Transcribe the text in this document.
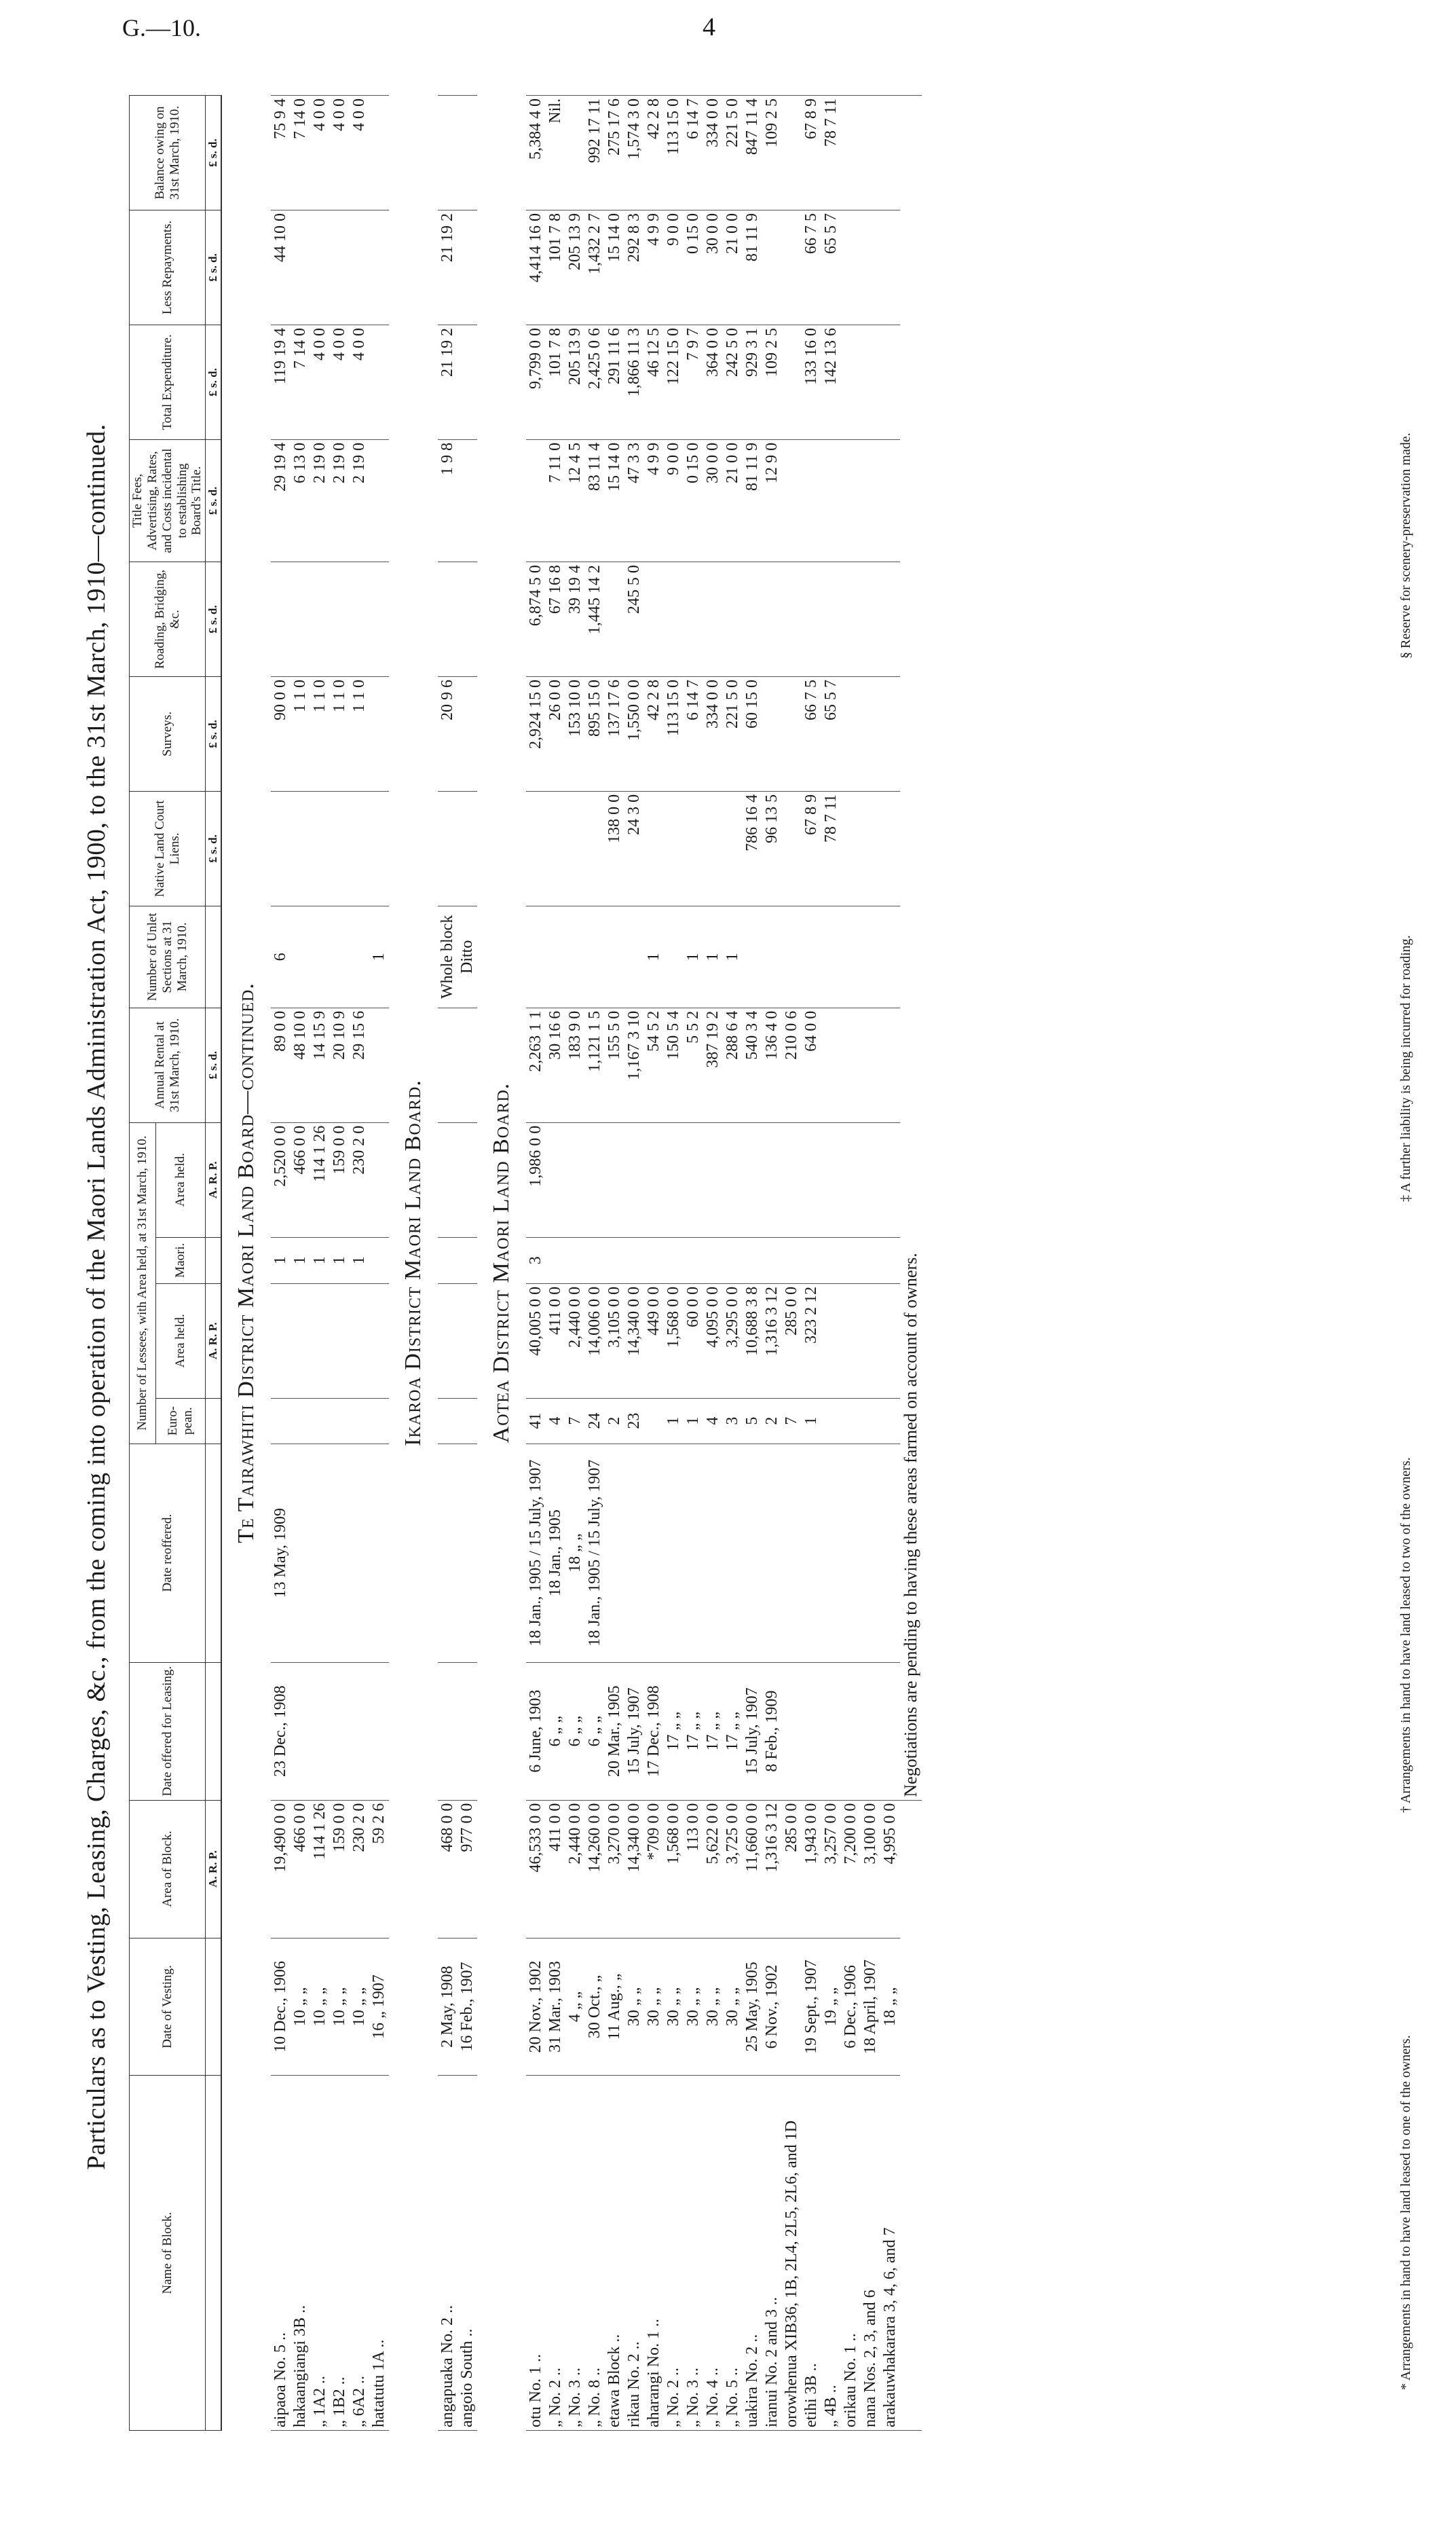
G.—10.	4
Particulars as to Vesting, Leasing, Charges, &c., from the coming into operation of the Maori Lands Administration Act, 1900, to the 31st March, 1910—continued.
Name of Block.	Date of Vesting.	Area of Block.	Date offered for Leasing.	Date reoffered.	Number of Lessees, with Area held, at 31st March, 1910.				Annual Rental at 31st March, 1910.	Number of Unlet Sections at 31 March, 1910.	Native Land Court Liens.	Surveys.	Roading, Bridging, &c.	Title Fees, Advertising, Rates, and Costs incidental to establishing Board's Title.	Total Expenditure.	Less Repayments.	Balance owing on 31st March, 1910.
					Euro-pean.	Area held.	Maori.	Area held.									
		A. R. P.				A. R. P.		A. R. P.	£ s. d.		£ s. d.	£ s. d.	£ s. d.	£ s. d.	£ s. d.	£ s. d.	£ s. d.
Te Tairawhiti District Maori Land Board—continued.																	
aipaoa No. 5 ..	10 Dec., 1906	19,490 0 0	23 Dec., 1908	13 May, 1909			1	2,520 0 0	89 0 0	6		90 0 0		29 19 4	119 19 4	44 10 0	75 9 4
hakaangiangi 3B ..	10 „ „	466 0 0					1	466 0 0	48 10 0			1 1 0		6 13 0	7 14 0		7 14 0
„ 1A2 ..	10 „ „	114 1 26					1	114 1 26	14 15 9			1 1 0		2 19 0	4 0 0		4 0 0
„ 1B2 ..	10 „ „	159 0 0					1	159 0 0	20 10 9			1 1 0		2 19 0	4 0 0		4 0 0
„ 6A2 ..	10 „ „	230 2 0					1	230 2 0	29 15 6			1 1 0		2 19 0	4 0 0		4 0 0
hatatutu 1A ..	16 „ 1907	59 2 6								1							
Ikaroa District Maori Land Board.																	
angapuaka No. 2 ..	2 May, 1908	468 0 0								Whole block		20 9 6		1 9 8	21 19 2	21 19 2	
angoio South ..	16 Feb., 1907	977 0 0								Ditto							
Aotea District Maori Land Board.																	
otu No. 1 ..	20 Nov., 1902	46,533 0 0	6 June, 1903	18 Jan., 1905 / 15 July, 1907	41	40,005 0 0	3	1,986 0 0	2,263 1 1			2,924 15 0	6,874 5 0		9,799 0 0	4,414 16 0	5,384 4 0
„ No. 2 ..	31 Mar., 1903	411 0 0	6 „ „	18 Jan., 1905	4	411 0 0			30 16 6			26 0 0	67 16 8	7 11 0	101 7 8	101 7 8	Nil.
„ No. 3 ..	4 „ „	2,440 0 0	6 „ „	18 „ „	7	2,440 0 0			183 9 0			153 10 0	39 19 4	12 4 5	205 13 9	205 13 9	
„ No. 8 ..	30 Oct., „	14,260 0 0	6 „ „	18 Jan., 1905 / 15 July, 1907	24	14,006 0 0			1,121 1 5			895 15 0	1,445 14 2	83 11 4	2,425 0 6	1,432 2 7	992 17 11
etawa Block ..	11 Aug., „	3,270 0 0	20 Mar., 1905		2	3,105 0 0			155 5 0		138 0 0	137 17 6		15 14 0	291 11 6	15 14 0	275 17 6
rikau No. 2 ..	30 „ „	14,340 0 0	15 July, 1907		23	14,340 0 0			1,167 3 10		24 3 0	1,550 0 0	245 5 0	47 3 3	1,866 11 3	292 8 3	1,574 3 0
aharangi No. 1 ..	30 „ „	*709 0 0	17 Dec., 1908			449 0 0			54 5 2	1		42 2 8		4 9 9	46 12 5	4 9 9	42 2 8
„ No. 2 ..	30 „ „	1,568 0 0	17 „ „		1	1,568 0 0			150 5 4			113 15 0		9 0 0	122 15 0	9 0 0	113 15 0
„ No. 3 ..	30 „ „	113 0 0	17 „ „		1	60 0 0			5 5 2	1		6 14 7		0 15 0	7 9 7	0 15 0	6 14 7
„ No. 4 ..	30 „ „	5,622 0 0	17 „ „		4	4,095 0 0			387 19 2	1		334 0 0		30 0 0	364 0 0	30 0 0	334 0 0
„ No. 5 ..	30 „ „	3,725 0 0	17 „ „		3	3,295 0 0			288 6 4	1		221 5 0		21 0 0	242 5 0	21 0 0	221 5 0
uakira No. 2 ..	25 May, 1905	11,660 0 0	15 July, 1907		5	10,688 3 8			540 3 4		786 16 4	60 15 0		81 11 9	929 3 1	81 11 9	847 11 4
iranui No. 2 and 3 ..	6 Nov., 1902	1,316 3 12	8 Feb., 1909		2	1,316 3 12			136 4 0		96 13 5			12 9 0	109 2 5		109 2 5
orowhenua XIB36, 1B, 2L4, 2L5, 2L6, and 1D		285 0 0			7	285 0 0			210 0 6								
etihi 3B ..	19 Sept., 1907	1,943 0 0			1	323 2 12			64 0 0		67 8 9	66 7 5			133 16 0	66 7 5	67 8 9
„ 4B ..	19 „ „	3,257 0 0									78 7 11	65 5 7			142 13 6	65 5 7	78 7 11
orikau No. 1 ..	6 Dec., 1906	7,200 0 0															
nana Nos. 2, 3, and 6	18 April, 1907	3,100 0 0															
arakauwhakarara 3, 4, 6, and 7	18 „ „	4,995 0 0															
			Negotiations are pending to having these areas farmed on account of owners.														
* Arrangements in hand to have land leased to one of the owners.
† Arrangements in hand to have land leased to two of the owners.
‡ A further liability is being incurred for roading.
§ Reserve for scenery-preservation made.
